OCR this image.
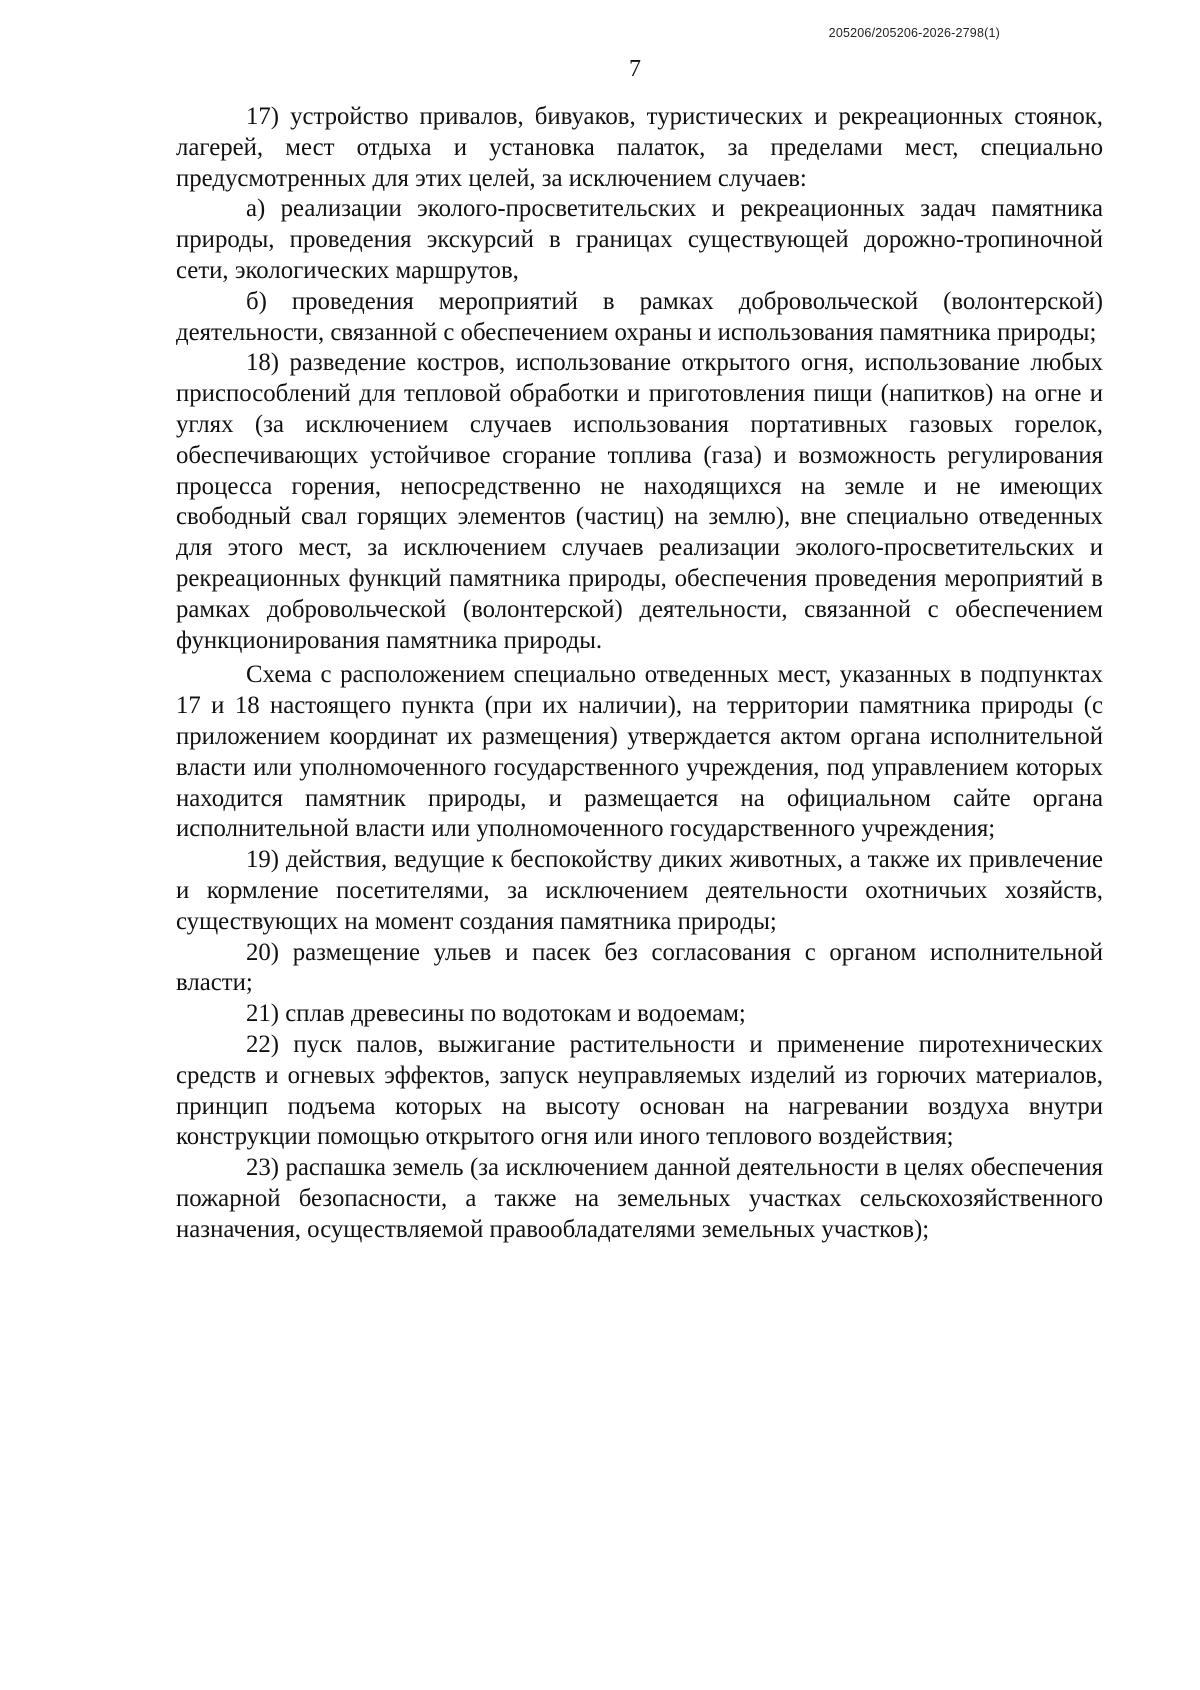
205206/205206-2026-2798(1)
7

17) устройство привалов, бивуаков, туристических и рекреационных стоянок, лагерей, мест отдыха и установка палаток, за пределами мест, специально предусмотренных для этих целей, за исключением случаев:

а) реализации эколого-просветительских и рекреационных задач памятника природы, проведения экскурсий в границах существующей дорожно-тропиночной сети, экологических маршрутов,

б) проведения мероприятий в рамках добровольческой (волонтерской) деятельности, связанной с обеспечением охраны и использования памятника природы;

18) разведение костров, использование открытого огня, использование любых приспособлений для тепловой обработки и приготовления пищи (напитков) на огне и углях (за исключением случаев использования портативных газовых горелок, обеспечивающих устойчивое сгорание топлива (газа) и возможность регулирования процесса горения, непосредственно не находящихся на земле и не имеющих свободный свал горящих элементов (частиц) на землю), вне специально отведенных для этого мест, за исключением случаев реализации эколого-просветительских и рекреационных функций памятника природы, обеспечения проведения мероприятий в рамках добровольческой (волонтерской) деятельности, связанной с обеспечением функционирования памятника природы.

Схема с расположением специально отведенных мест, указанных в подпунктах 17 и 18 настоящего пункта (при их наличии), на территории памятника природы (с приложением координат их размещения) утверждается актом органа исполнительной власти или уполномоченного государственного учреждения, под управлением которых находится памятник природы, и размещается на официальном сайте органа исполнительной власти или уполномоченного государственного учреждения;

19) действия, ведущие к беспокойству диких животных, а также их привлечение и кормление посетителями, за исключением деятельности охотничьих хозяйств, существующих на момент создания памятника природы;

20) размещение ульев и пасек без согласования с органом исполнительной власти;

21) сплав древесины по водотокам и водоемам;

22) пуск палов, выжигание растительности и применение пиротехнических средств и огневых эффектов, запуск неуправляемых изделий из горючих материалов, принцип подъема которых на высоту основан на нагревании воздуха внутри конструкции помощью открытого огня или иного теплового воздействия;

23) распашка земель (за исключением данной деятельности в целях обеспечения пожарной безопасности, а также на земельных участках сельскохозяйственного назначения, осуществляемой правообладателями земельных участков);
